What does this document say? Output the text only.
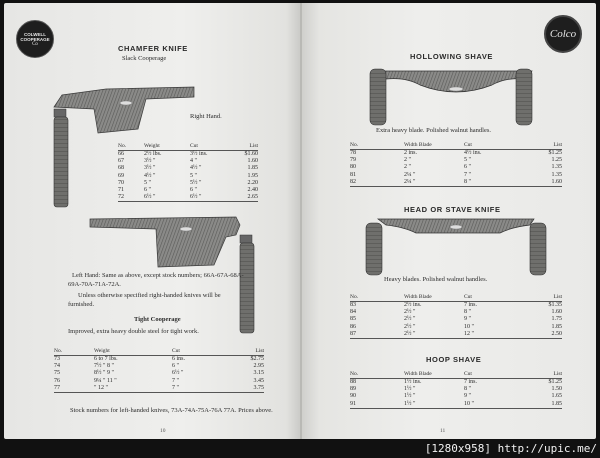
COLWELL
COOPERAGE
Co	CHAMFER KNIFE
Slack Cooperage
Right Hand.
No.	Weight	Cut	List
66	2½ lbs.	3½ ins.	$1.60
67	3½ "	4 "	1.60
68	3½ "	4½ "	1.85
69	4½ "	5 "	1.95
70	5 "	5½ "	2.20
71	6 "	6 "	2.40
72	6½ "	6½ "	2.65
Left Hand: Same as above, except stock numbers; 66A-67A-68A-69A-70A-71A-72A.
Unless otherwise specified right-handed knives will be furnished.
Tight Cooperage
Improved, extra heavy double steel for tight work.
No.	Weight	Cut	List
73	6 to 7 lbs.	6 ins.	$2.75
74	7½ " 8 "	6 "	2.95
75	8½ " 9 "	6½ "	3.15
76	9¼ " 11 "	7 "	3.45
77	" 12 "	7 "	3.75
Stock numbers for left-handed knives, 73A-74A-75A-76A 77A. Prices above.
10
Colco
HOLLOWING SHAVE
Extra heavy blade. Polished walnut handles.
No.	Width Blade	Cut	List
78	2 ins.	4½ ins.	$1.25
79	2 "	5 "	1.25
80	2 "	6 "	1.35
81	2¼ "	7 "	1.35
82	2¼ "	8 "	1.60
HEAD OR STAVE KNIFE
Heavy blades. Polished walnut handles.
No.	Width Blade	Cut	List
83	2½ ins.	7 ins.	$1.35
84	2½ "	8 "	1.60
85	2½ "	9 "	1.75
86	2½ "	10 "	1.85
87	2½ "	12 "	2.50
HOOP SHAVE
No.	Width Blade	Cut	List
88	1½ ins.	7 ins.	$1.25
89	1½ "	8 "	1.50
90	1½ "	9 "	1.65
91	1½ "	10 "	1.85
11
[1280x958] http://upic.me/
